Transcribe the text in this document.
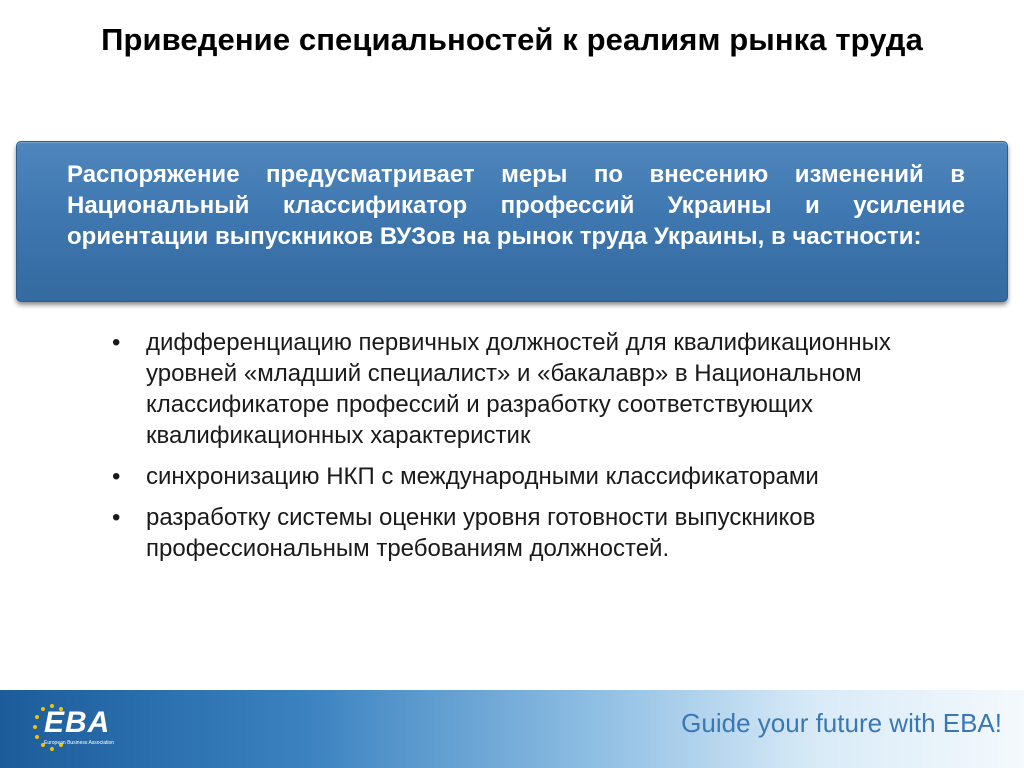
Приведение специальностей к реалиям рынка труда

Распоряжение предусматривает меры по внесению изменений в Национальный классификатор профессий Украины и усиление ориентации выпускников ВУЗов на рынок труда Украины, в частности:

• дифференциацию первичных должностей для квалификационных уровней «младший специалист» и «бакалавр» в Национальном классификаторе профессий и разработку соответствующих квалификационных характеристик
• синхронизацию НКП с международными классификаторами
• разработку системы оценки уровня готовности выпускников профессиональным требованиям должностей.
EBA
European Business Association
Guide your future with EBA!
